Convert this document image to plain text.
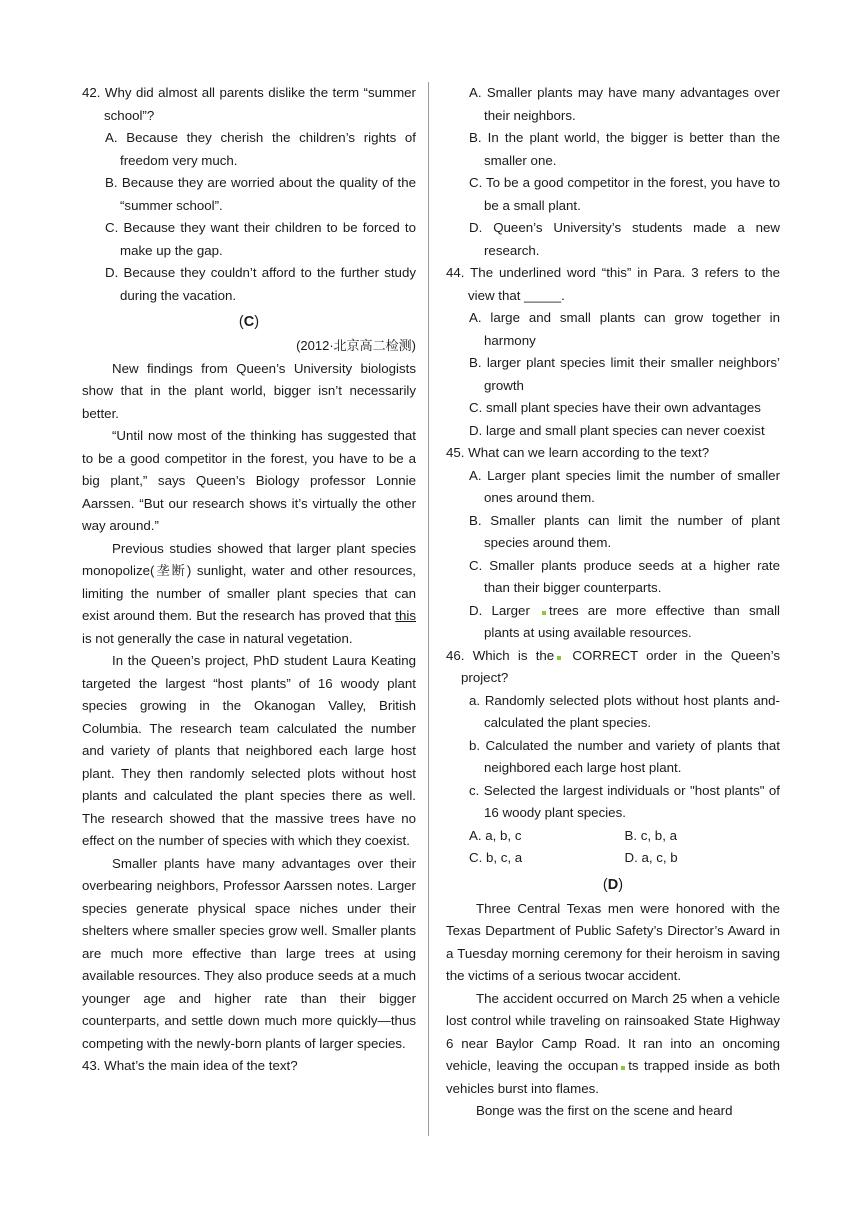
42. Why did almost all parents dislike the term “summer school”?
A. Because they cherish the children’s rights of freedom very much.
B. Because they are worried about the quality of the “summer school”.
C. Because they want their children to be forced to make up the gap.
D. Because they couldn’t afford to the further study during the vacation.
(C)
(2012·北京高二检测)
New findings from Queen’s University biologists show that in the plant world, bigger isn’t necessarily better.
“Until now most of the thinking has suggested that to be a good competitor in the forest, you have to be a big plant,” says Queen’s Biology professor Lonnie Aarssen. “But our research shows it’s virtually the other way around.”
Previous studies showed that larger plant species monopolize(垄断) sunlight, water and other resources, limiting the number of smaller plant species that can exist around them. But the research has proved that this is not generally the case in natural vegetation.
In the Queen’s project, PhD student Laura Keating targeted the largest “host plants” of 16 woody plant species growing in the Okanogan Valley, British Columbia. The research team calculated the number and variety of plants that neighbored each large host plant. They then randomly selected plots without host plants and calculated the plant species there as well. The research showed that the massive trees have no effect on the number of species with which they coexist.
Smaller plants have many advantages over their overbearing neighbors, Professor Aarssen notes. Larger species generate physical space niches under their shelters where smaller species grow well. Smaller plants are much more effective than large trees at using available resources. They also produce seeds at a much younger age and higher rate than their bigger counterparts, and settle down much more quickly—thus competing with the newly-born plants of larger species.
43. What’s the main idea of the text?
A. Smaller plants may have many advantages over their neighbors.
B. In the plant world, the bigger is better than the smaller one.
C. To be a good competitor in the forest, you have to be a small plant.
D. Queen’s University’s students made a new research.
44. The underlined word “this” in Para. 3 refers to the view that _____.
A. large and small plants can grow together in harmony
B. larger plant species limit their smaller neighbors’ growth
C. small plant species have their own advantages
D. large and small plant species can never coexist
45. What can we learn according to the text?
A. Larger plant species limit the number of smaller ones around them.
B. Smaller plants can limit the number of plant species around them.
C. Smaller plants produce seeds at a higher rate than their bigger counterparts.
D. Larger trees are more effective than small plants at using available resources.
46. Which is the CORRECT order in the Queen’s project?
a. Randomly selected plots without host plants and-calculated the plant species.
b. Calculated the number and variety of plants that neighbored each large host plant.
c. Selected the largest individuals or "host plants" of 16 woody plant species.
A. a, b, c	B. c, b, a
C. b, c, a	D. a, c, b
(D)
Three Central Texas men were honored with the Texas Department of Public Safety’s Director’s Award in a Tuesday morning ceremony for their heroism in saving the victims of a serious twocar accident.
The accident occurred on March 25 when a vehicle lost control while traveling on rainsoaked State Highway 6 near Baylor Camp Road. It ran into an oncoming vehicle, leaving the occupan ts trapped inside as both vehicles burst into flames.
Bonge was the first on the scene and heard
